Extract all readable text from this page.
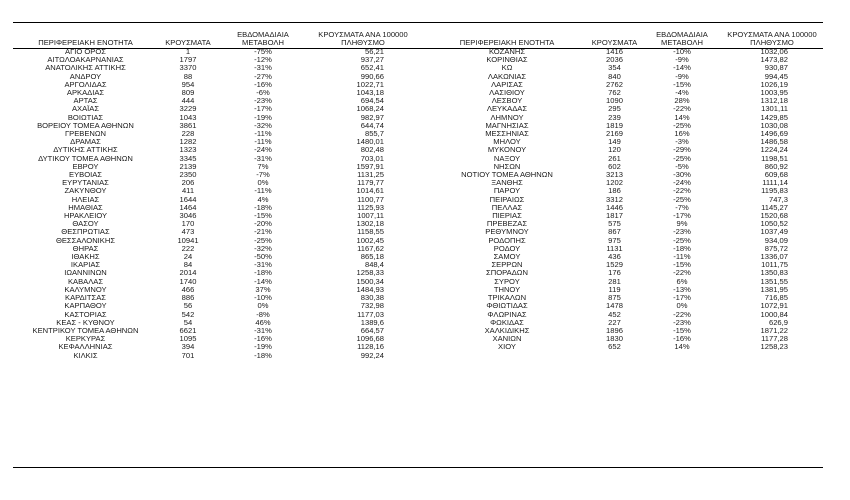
ΠΕΡΙΦΕΡΕΙΑΚΗ ΕΝΟΤΗΤΑ	ΚΡΟΥΣΜΑΤΑ	ΕΒΔΟΜΑΔΙΑΙΑ
ΜΕΤΑΒΟΛΗ	ΚΡΟΥΣΜΑΤΑ ΑΝΑ 100000
ΠΛΗΘΥΣΜΟ
ΑΓΙΟ ΟΡΟΣ	1	-75%	56,21
ΑΙΤΩΛΟΑΚΑΡΝΑΝΙΑΣ	1797	-12%	937,27
ΑΝΑΤΟΛΙΚΗΣ ΑΤΤΙΚΗΣ	3370	-31%	652,41
ΑΝΔΡΟΥ	88	-27%	990,66
ΑΡΓΟΛΙΔΑΣ	954	-16%	1022,71
ΑΡΚΑΔΙΑΣ	809	-6%	1043,18
ΑΡΤΑΣ	444	-23%	694,54
ΑΧΑΪΑΣ	3229	-17%	1068,24
ΒΟΙΩΤΙΑΣ	1043	-19%	982,97
ΒΟΡΕΙΟΥ ΤΟΜΕΑ ΑΘΗΝΩΝ	3861	-32%	644,74
ΓΡΕΒΕΝΩΝ	228	-11%	855,7
ΔΡΑΜΑΣ	1282	-11%	1480,01
ΔΥΤΙΚΗΣ ΑΤΤΙΚΗΣ	1323	-24%	802,48
ΔΥΤΙΚΟΥ ΤΟΜΕΑ ΑΘΗΝΩΝ	3345	-31%	703,01
ΕΒΡΟΥ	2139	7%	1597,91
ΕΥΒΟΙΑΣ	2350	-7%	1131,25
ΕΥΡΥΤΑΝΙΑΣ	206	0%	1179,77
ΖΑΚΥΝΘΟΥ	411	-11%	1014,61
ΗΛΕΙΑΣ	1644	4%	1100,77
ΗΜΑΘΙΑΣ	1464	-18%	1125,93
ΗΡΑΚΛΕΙΟΥ	3046	-15%	1007,11
ΘΑΣΟΥ	170	-20%	1302,18
ΘΕΣΠΡΩΤΙΑΣ	473	-21%	1158,55
ΘΕΣΣΑΛΟΝΙΚΗΣ	10941	-25%	1002,45
ΘΗΡΑΣ	222	-32%	1167,62
ΙΘΑΚΗΣ	24	-50%	865,18
ΙΚΑΡΙΑΣ	84	-31%	848,4
ΙΩΑΝΝΙΝΩΝ	2014	-18%	1258,33
ΚΑΒΑΛΑΣ	1740	-14%	1500,34
ΚΑΛΥΜΝΟΥ	466	37%	1484,93
ΚΑΡΔΙΤΣΑΣ	886	-10%	830,38
ΚΑΡΠΑΘΟΥ	56	0%	732,98
ΚΑΣΤΟΡΙΑΣ	542	-8%	1177,03
ΚΕΑΣ - ΚΥΘΝΟΥ	54	46%	1389,6
ΚΕΝΤΡΙΚΟΥ ΤΟΜΕΑ ΑΘΗΝΩΝ	6621	-31%	664,57
ΚΕΡΚΥΡΑΣ	1095	-16%	1096,68
ΚΕΦΑΛΛΗΝΙΑΣ	394	-19%	1128,16
ΚΙΛΚΙΣ	701	-18%	992,24
ΠΕΡΙΦΕΡΕΙΑΚΗ ΕΝΟΤΗΤΑ	ΚΡΟΥΣΜΑΤΑ	ΕΒΔΟΜΑΔΙΑΙΑ
ΜΕΤΑΒΟΛΗ	ΚΡΟΥΣΜΑΤΑ ΑΝΑ 100000
ΠΛΗΘΥΣΜΟ
ΚΟΖΑΝΗΣ	1416	-10%	1032,06
ΚΟΡΙΝΘΙΑΣ	2036	-9%	1473,82
ΚΩ	354	-14%	930,87
ΛΑΚΩΝΙΑΣ	840	-9%	994,45
ΛΑΡΙΣΑΣ	2762	-15%	1026,19
ΛΑΣΙΘΙΟΥ	762	-4%	1003,95
ΛΕΣΒΟΥ	1090	28%	1312,18
ΛΕΥΚΑΔΑΣ	295	-22%	1301,11
ΛΗΜΝΟΥ	239	14%	1429,85
ΜΑΓΝΗΣΙΑΣ	1819	-25%	1030,08
ΜΕΣΣΗΝΙΑΣ	2169	16%	1496,69
ΜΗΛΟΥ	149	-3%	1486,58
ΜΥΚΟΝΟΥ	120	-29%	1224,24
ΝΑΞΟΥ	261	-25%	1198,51
ΝΗΣΩΝ	602	-5%	860,92
ΝΟΤΙΟΥ ΤΟΜΕΑ ΑΘΗΝΩΝ	3213	-30%	609,68
ΞΑΝΘΗΣ	1202	-24%	1111,14
ΠΑΡΟΥ	186	-22%	1195,83
ΠΕΙΡΑΙΩΣ	3312	-25%	747,3
ΠΕΛΛΑΣ	1446	-7%	1145,27
ΠΙΕΡΙΑΣ	1817	-17%	1520,68
ΠΡΕΒΕΖΑΣ	575	9%	1050,52
ΡΕΘΥΜΝΟΥ	867	-23%	1037,49
ΡΟΔΟΠΗΣ	975	-25%	934,09
ΡΟΔΟΥ	1131	-18%	875,72
ΣΑΜΟΥ	436	-11%	1336,07
ΣΕΡΡΩΝ	1529	-15%	1011,75
ΣΠΟΡΑΔΩΝ	176	-22%	1350,83
ΣΥΡΟΥ	281	6%	1351,55
ΤΗΝΟΥ	119	-13%	1381,95
ΤΡΙΚΑΛΩΝ	875	-17%	716,85
ΦΘΙΩΤΙΔΑΣ	1478	0%	1072,91
ΦΛΩΡΙΝΑΣ	452	-22%	1000,84
ΦΩΚΙΔΑΣ	227	-23%	626,9
ΧΑΛΚΙΔΙΚΗΣ	1896	-15%	1871,22
ΧΑΝΙΩΝ	1830	-16%	1177,28
ΧΙΟΥ	652	14%	1258,23
